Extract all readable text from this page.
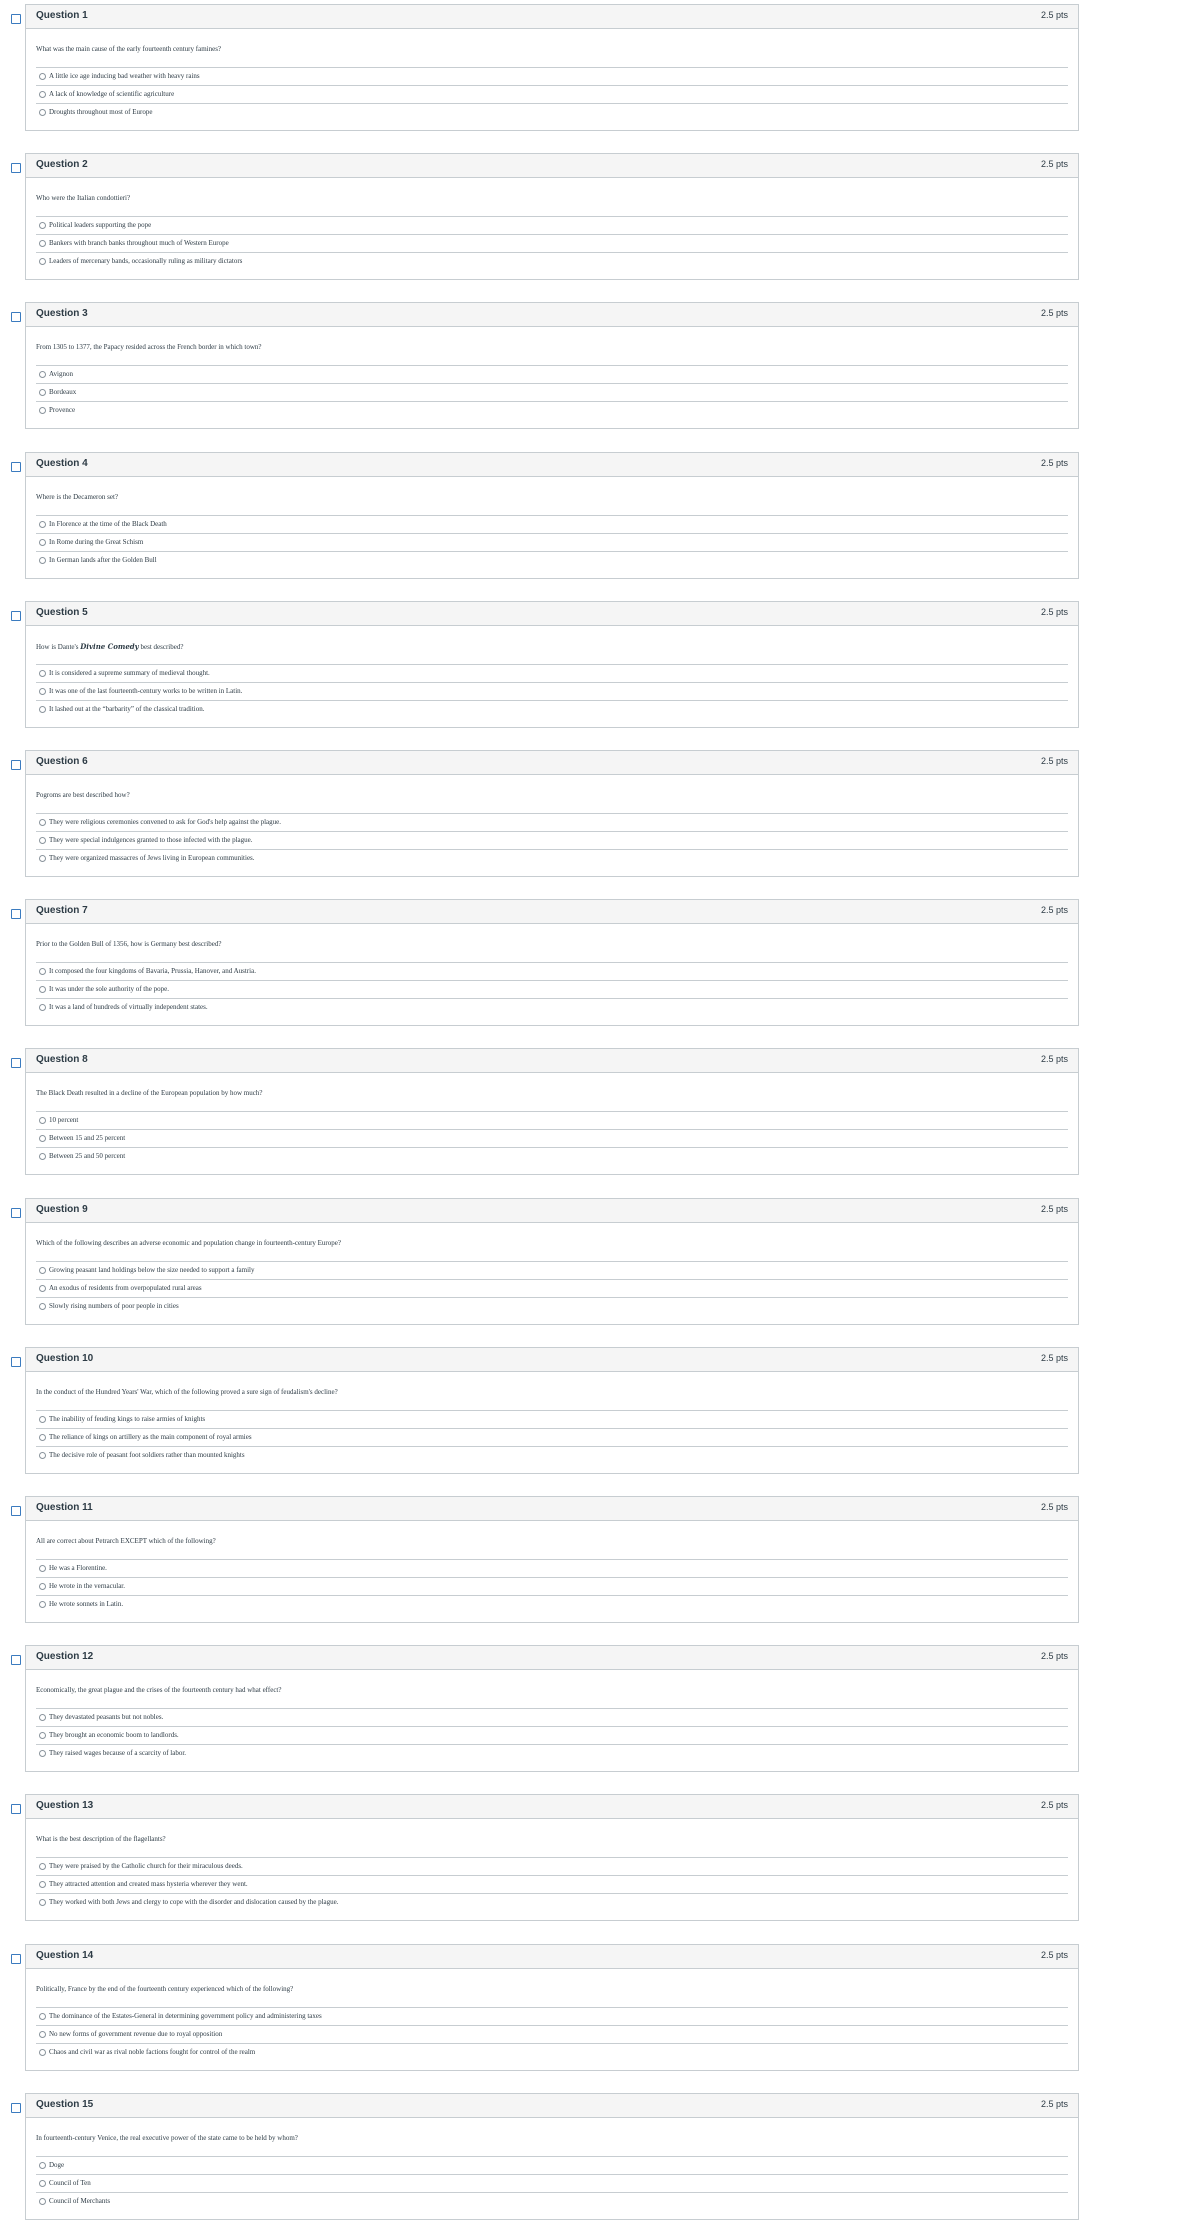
Question 1	2.5 pts
What was the main cause of the early fourteenth century famines?
A little ice age inducing bad weather with heavy rains
A lack of knowledge of scientific agriculture
Droughts throughout most of Europe
Question 2	2.5 pts
Who were the Italian condottieri?
Political leaders supporting the pope
Bankers with branch banks throughout much of Western Europe
Leaders of mercenary bands, occasionally ruling as military dictators
Question 3	2.5 pts
From 1305 to 1377, the Papacy resided across the French border in which town?
Avignon
Bordeaux
Provence
Question 4	2.5 pts
Where is the Decameron set?
In Florence at the time of the Black Death
In Rome during the Great Schism
In German lands after the Golden Bull
Question 5	2.5 pts
How is Dante's Divine Comedy best described?
It is considered a supreme summary of medieval thought.
It was one of the last fourteenth-century works to be written in Latin.
It lashed out at the “barbarity” of the classical tradition.
Question 6	2.5 pts
Pogroms are best described how?
They were religious ceremonies convened to ask for God's help against the plague.
They were special indulgences granted to those infected with the plague.
They were organized massacres of Jews living in European communities.
Question 7	2.5 pts
Prior to the Golden Bull of 1356, how is Germany best described?
It composed the four kingdoms of Bavaria, Prussia, Hanover, and Austria.
It was under the sole authority of the pope.
It was a land of hundreds of virtually independent states.
Question 8	2.5 pts
The Black Death resulted in a decline of the European population by how much?
10 percent
Between 15 and 25 percent
Between 25 and 50 percent
Question 9	2.5 pts
Which of the following describes an adverse economic and population change in fourteenth-century Europe?
Growing peasant land holdings below the size needed to support a family
An exodus of residents from overpopulated rural areas
Slowly rising numbers of poor people in cities
Question 10	2.5 pts
In the conduct of the Hundred Years' War, which of the following proved a sure sign of feudalism's decline?
The inability of feuding kings to raise armies of knights
The reliance of kings on artillery as the main component of royal armies
The decisive role of peasant foot soldiers rather than mounted knights
Question 11	2.5 pts
All are correct about Petrarch EXCEPT which of the following?
He was a Florentine.
He wrote in the vernacular.
He wrote sonnets in Latin.
Question 12	2.5 pts
Economically, the great plague and the crises of the fourteenth century had what effect?
They devastated peasants but not nobles.
They brought an economic boom to landlords.
They raised wages because of a scarcity of labor.
Question 13	2.5 pts
What is the best description of the flagellants?
They were praised by the Catholic church for their miraculous deeds.
They attracted attention and created mass hysteria wherever they went.
They worked with both Jews and clergy to cope with the disorder and dislocation caused by the plague.
Question 14	2.5 pts
Politically, France by the end of the fourteenth century experienced which of the following?
The dominance of the Estates-General in determining government policy and administering taxes
No new forms of government revenue due to royal opposition
Chaos and civil war as rival noble factions fought for control of the realm
Question 15	2.5 pts
In fourteenth-century Venice, the real executive power of the state came to be held by whom?
Doge
Council of Ten
Council of Merchants
